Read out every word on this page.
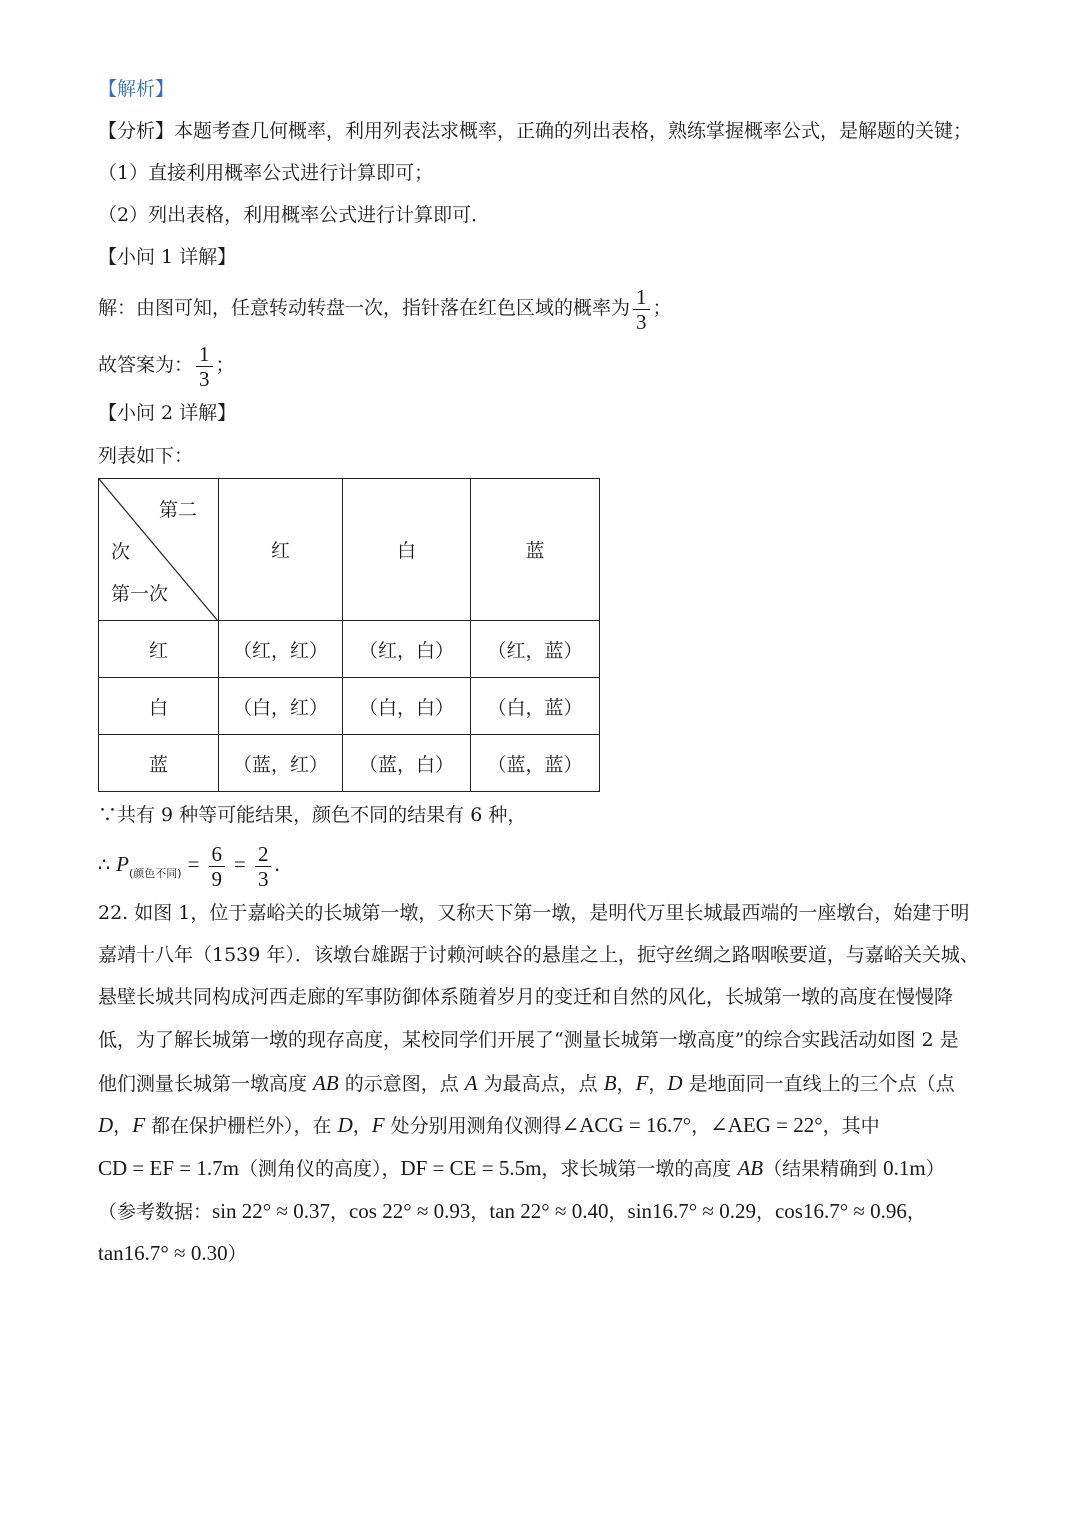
【解析】
【分析】本题考查几何概率，利用列表法求概率，正确的列出表格，熟练掌握概率公式，是解题的关键；
（1）直接利用概率公式进行计算即可；
（2）列出表格，利用概率公式进行计算即可．
【小问 1 详解】
解：由图可知，任意转动转盘一次，指针落在红色区域的概率为 $\frac{1}{3}$ ；
故答案为： $\frac{1}{3}$ ；
【小问 2 详解】
列表如下：
第二
次
第一次	红	白	蓝
红	（红，红）	（红，白）	（红，蓝）
白	（白，红）	（白，白）	（白，蓝）
蓝	（蓝，红）	（蓝，白）	（蓝，蓝）
∵共有 9 种等可能结果，颜色不同的结果有 6 种，
∴ $P_{(颜色不同)} = \frac{6}{9} = \frac{2}{3}$ .
22. 如图 1，位于嘉峪关的长城第一墩，又称天下第一墩，是明代万里长城最西端的一座墩台，始建于明
嘉靖十八年（1539 年）．该墩台雄踞于讨赖河峡谷的悬崖之上，扼守丝绸之路咽喉要道，与嘉峪关关城、
悬壁长城共同构成河西走廊的军事防御体系随着岁月的变迁和自然的风化，长城第一墩的高度在慢慢降
低，为了解长城第一墩的现存高度，某校同学们开展了“测量长城第一墩高度”的综合实践活动如图 2 是
他们测量长城第一墩高度 AB 的示意图，点 A 为最高点，点 B，F，D 是地面同一直线上的三个点（点
D，F 都在保护栅栏外），在 D，F 处分别用测角仪测得∠ACG = 16.7°，∠AEG = 22°，其中
CD = EF = 1.7m（测角仪的高度），DF = CE = 5.5m，求长城第一墩的高度 AB（结果精确到 0.1m）
（参考数据：sin 22° ≈ 0.37，cos 22° ≈ 0.93，tan 22° ≈ 0.40，sin16.7° ≈ 0.29，cos16.7° ≈ 0.96，
tan16.7° ≈ 0.30）
